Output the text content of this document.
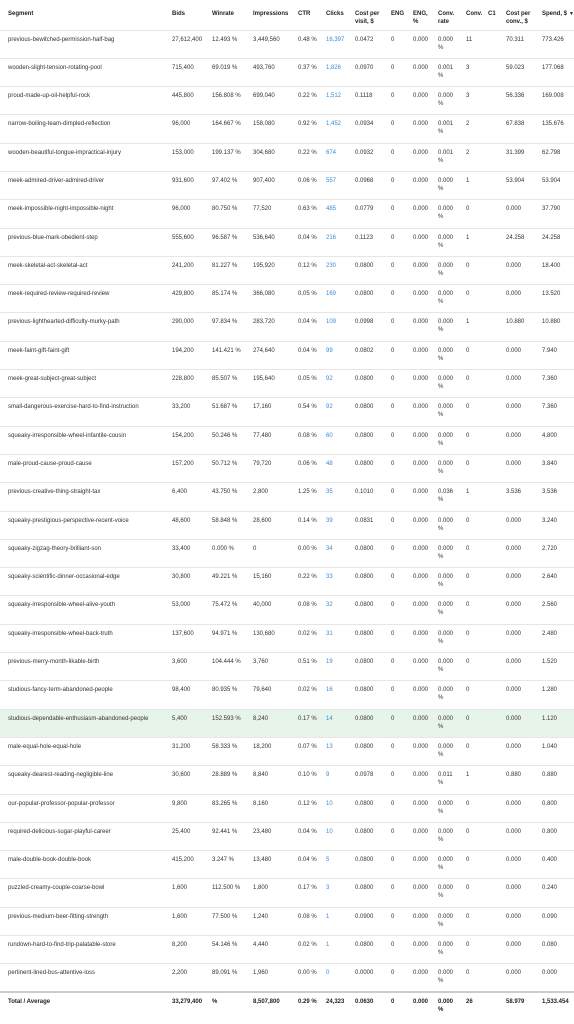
Segment	Bids	Winrate	Impressions	CTR	Clicks	Cost per visit, $	ENG	ENG, %	Conv. rate	Conv.	C1	Cost per conv., $	Spend, $ ▼
previous-bewitched-permission-half-bag	27,612,400	12.493 %	3,449,560	0.48 %	16,397	0.0472	0	0.000	0.000 %	11		70.311	773.426
wooden-slight-tension-rotating-pool	715,400	69.019 %	493,760	0.37 %	1,826	0.0970	0	0.000	0.001 %	3		59.023	177.068
proud-made-up-oil-helpful-rock	445,800	156.808 %	699,040	0.22 %	1,512	0.1118	0	0.000	0.000 %	3		56.336	169.008
narrow-boiling-team-dimpled-reflection	96,000	164.667 %	158,080	0.92 %	1,452	0.0934	0	0.000	0.001 %	2		67.838	135.676
wooden-beautiful-tongue-impractical-injury	153,000	199.137 %	304,680	0.22 %	674	0.0932	0	0.000	0.001 %	2		31.399	62.798
meek-admired-driver-admired-driver	931,600	97.402 %	907,400	0.06 %	557	0.0968	0	0.000	0.000 %	1		53.904	53.904
meek-impossible-night-impossible-night	96,000	80.750 %	77,520	0.63 %	485	0.0779	0	0.000	0.000 %	0		0.000	37.790
previous-blue-mark-obedient-step	555,600	96.587 %	536,640	0.04 %	216	0.1123	0	0.000	0.000 %	1		24.258	24.258
meek-skeletal-act-skeletal-act	241,200	81.227 %	195,920	0.12 %	230	0.0800	0	0.000	0.000 %	0		0.000	18.400
meek-required-review-required-review	429,800	85.174 %	366,080	0.05 %	169	0.0800	0	0.000	0.000 %	0		0.000	13.520
previous-lighthearted-difficulty-murky-path	290,000	97.834 %	283,720	0.04 %	109	0.0998	0	0.000	0.000 %	1		10.880	10.880
meek-faint-gift-faint-gift	194,200	141.421 %	274,640	0.04 %	99	0.0802	0	0.000	0.000 %	0		0.000	7.940
meek-great-subject-great-subject	228,800	85.507 %	195,640	0.05 %	92	0.0800	0	0.000	0.000 %	0		0.000	7.360
small-dangerous-exercise-hard-to-find-instruction	33,200	51.687 %	17,160	0.54 %	92	0.0800	0	0.000	0.000 %	0		0.000	7.360
squeaky-irresponsible-wheel-infantile-cousin	154,200	50.246 %	77,480	0.08 %	60	0.0800	0	0.000	0.000 %	0		0.000	4.800
male-proud-cause-proud-cause	157,200	50.712 %	79,720	0.06 %	48	0.0800	0	0.000	0.000 %	0		0.000	3.840
previous-creative-thing-straight-tax	6,400	43.750 %	2,800	1.25 %	35	0.1010	0	0.000	0.036 %	1		3.536	3.536
squeaky-prestigious-perspective-recent-voice	48,600	58.848 %	28,600	0.14 %	39	0.0831	0	0.000	0.000 %	0		0.000	3.240
squeaky-zigzag-theory-brilliant-son	33,400	0.000 %	0	0.00 %	34	0.0800	0	0.000	0.000 %	0		0.000	2.720
squeaky-scientific-dinner-occasional-edge	30,800	49.221 %	15,160	0.22 %	33	0.0800	0	0.000	0.000 %	0		0.000	2.640
squeaky-irresponsible-wheel-alive-youth	53,000	75.472 %	40,000	0.08 %	32	0.0800	0	0.000	0.000 %	0		0.000	2.560
squeaky-irresponsible-wheel-back-truth	137,600	94.971 %	130,680	0.02 %	31	0.0800	0	0.000	0.000 %	0		0.000	2.480
previous-merry-month-likable-birth	3,600	104.444 %	3,760	0.51 %	19	0.0800	0	0.000	0.000 %	0		0.000	1.520
studious-fancy-term-abandoned-people	98,400	80.935 %	79,640	0.02 %	16	0.0800	0	0.000	0.000 %	0		0.000	1.280
studious-dependable-enthusiasm-abandoned-people	5,400	152.593 %	8,240	0.17 %	14	0.0800	0	0.000	0.000 %	0		0.000	1.120
male-equal-hole-equal-hole	31,200	58.333 %	18,200	0.07 %	13	0.0800	0	0.000	0.000 %	0		0.000	1.040
squeaky-dearest-reading-negligible-line	30,600	28.889 %	8,840	0.10 %	9	0.0978	0	0.000	0.011 %	1		0.880	0.880
our-popular-professor-popular-professor	9,800	83.265 %	8,160	0.12 %	10	0.0800	0	0.000	0.000 %	0		0.000	0.800
required-delicious-sugar-playful-career	25,400	92.441 %	23,480	0.04 %	10	0.0800	0	0.000	0.000 %	0		0.000	0.800
male-double-book-double-book	415,200	3.247 %	13,480	0.04 %	5	0.0800	0	0.000	0.000 %	0		0.000	0.400
puzzled-creamy-couple-coarse-bowl	1,600	112.500 %	1,800	0.17 %	3	0.0800	0	0.000	0.000 %	0		0.000	0.240
previous-medium-beer-fitting-strength	1,600	77.500 %	1,240	0.08 %	1	0.0900	0	0.000	0.000 %	0		0.000	0.090
rundown-hard-to-find-trip-palatable-store	8,200	54.146 %	4,440	0.02 %	1	0.0800	0	0.000	0.000 %	0		0.000	0.080
pertinent-lined-bus-attentive-loss	2,200	89.091 %	1,960	0.00 %	0	0.0000	0	0.000	0.000 %	0		0.000	0.000
Total / Average	33,279,400	%	8,507,800	0.29 %	24,323	0.0630	0	0.000	0.000 %	26		58.979	1,533.454
